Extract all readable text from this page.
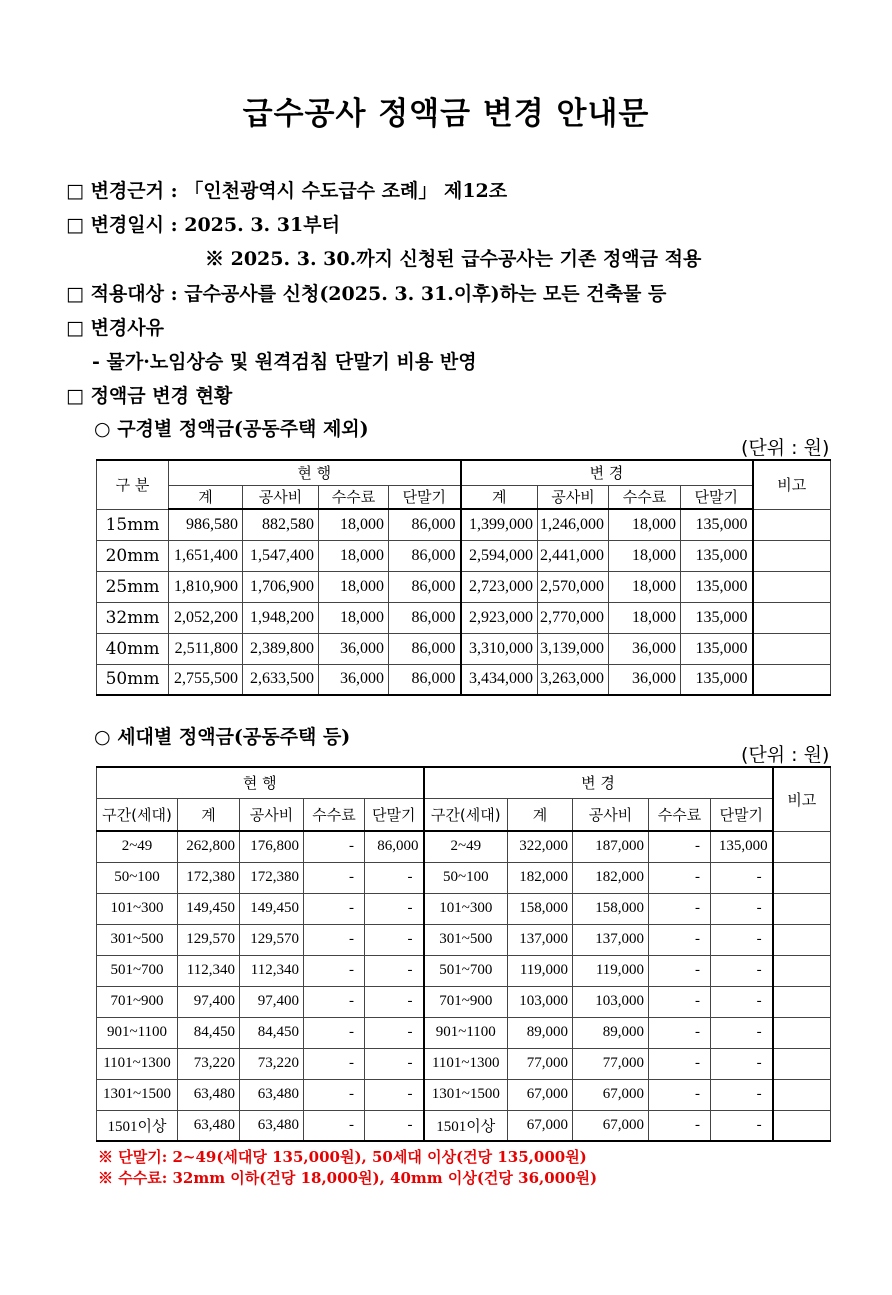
급수공사 정액금 변경 안내문
□ 변경근거 : 「인천광역시 수도급수 조례」 제12조
□ 변경일시 : 2025. 3. 31부터
※ 2025. 3. 30.까지 신청된 급수공사는 기존 정액금 적용
□ 적용대상 : 급수공사를 신청(2025. 3. 31.이후)하는 모든 건축물 등
□ 변경사유
- 물가·노임상승 및 원격검침 단말기 비용 반영
□ 정액금 변경 현황
○ 구경별 정액금(공동주택 제외)
(단위 : 원)
구 분	현 행				변 경				비고
	계	공사비	수수료	단말기	계	공사비	수수료	단말기	
15mm	986,580	882,580	18,000	86,000	1,399,000	1,246,000	18,000	135,000	
20mm	1,651,400	1,547,400	18,000	86,000	2,594,000	2,441,000	18,000	135,000	
25mm	1,810,900	1,706,900	18,000	86,000	2,723,000	2,570,000	18,000	135,000	
32mm	2,052,200	1,948,200	18,000	86,000	2,923,000	2,770,000	18,000	135,000	
40mm	2,511,800	2,389,800	36,000	86,000	3,310,000	3,139,000	36,000	135,000	
50mm	2,755,500	2,633,500	36,000	86,000	3,434,000	3,263,000	36,000	135,000	
○ 세대별 정액금(공동주택 등)
(단위 : 원)
현 행					변 경					비고
구간(세대)	계	공사비	수수료	단말기	구간(세대)	계	공사비	수수료	단말기	
2~49	262,800	176,800	-	86,000	2~49	322,000	187,000	-	135,000	
50~100	172,380	172,380	-	-	50~100	182,000	182,000	-	-	
101~300	149,450	149,450	-	-	101~300	158,000	158,000	-	-	
301~500	129,570	129,570	-	-	301~500	137,000	137,000	-	-	
501~700	112,340	112,340	-	-	501~700	119,000	119,000	-	-	
701~900	97,400	97,400	-	-	701~900	103,000	103,000	-	-	
901~1100	84,450	84,450	-	-	901~1100	89,000	89,000	-	-	
1101~1300	73,220	73,220	-	-	1101~1300	77,000	77,000	-	-	
1301~1500	63,480	63,480	-	-	1301~1500	67,000	67,000	-	-	
1501이상	63,480	63,480	-	-	1501이상	67,000	67,000	-	-	
※ 단말기: 2~49(세대당 135,000원), 50세대 이상(건당 135,000원)
※ 수수료: 32mm 이하(건당 18,000원), 40mm 이상(건당 36,000원)
